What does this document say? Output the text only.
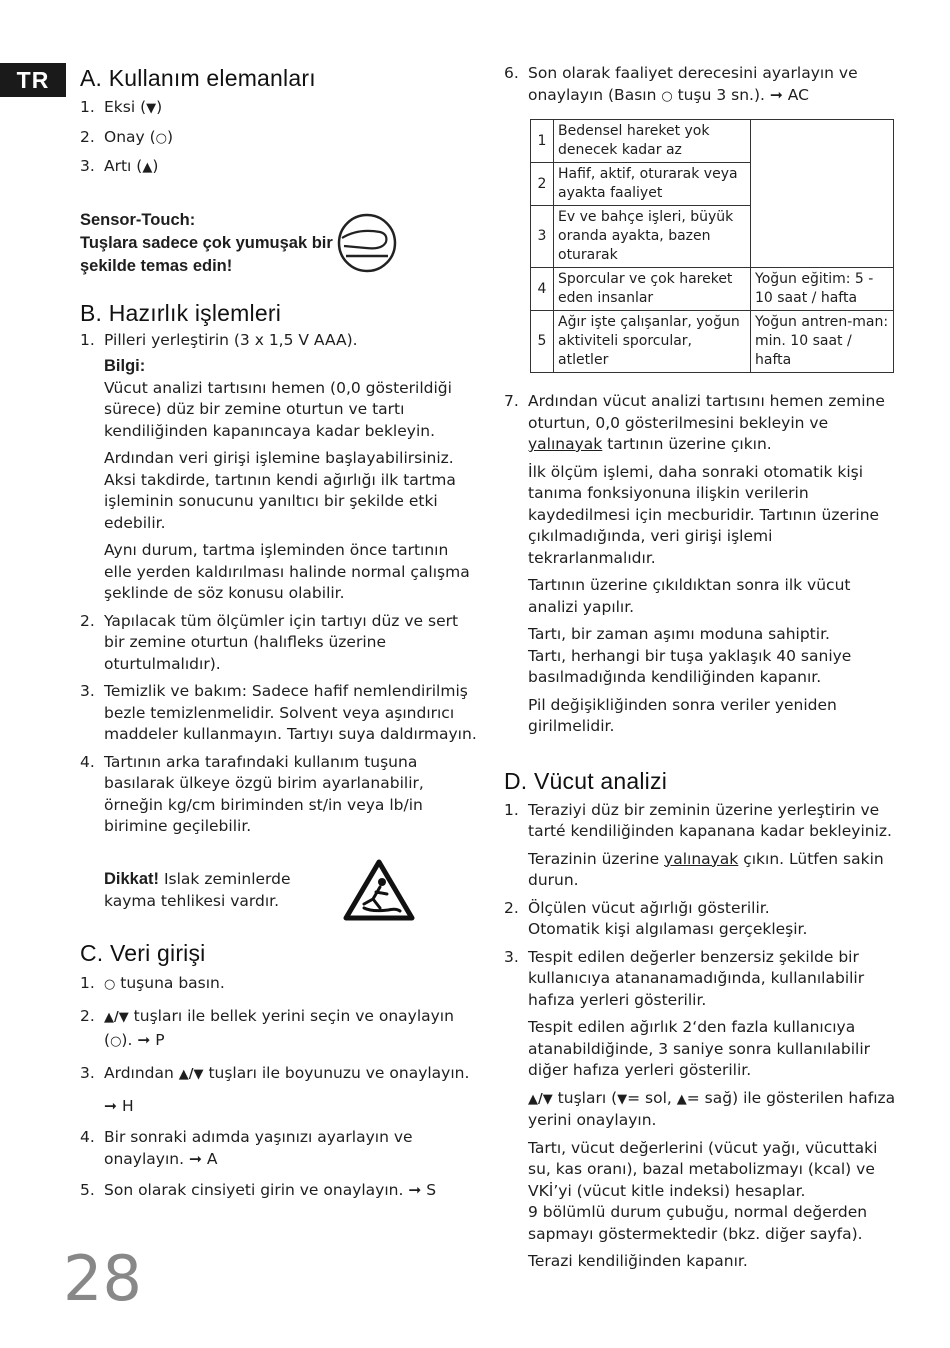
TR	A. Kullanım elemanları

1. Eksi (▼)

2. Onay (○)

3. Artı (▲)

Sensor-Touch:
Tuşlara sadece çok yumuşak bir
şekilde temas edin!
B. Hazırlık işlemleri

1. Pilleri yerleştirin (3 x 1,5 V AAA).

Bilgi:

Vücut analizi tartısını hemen (0,0 gösterildiği sürece) düz bir zemine oturtun ve tartı kendiliğinden kapanıncaya kadar bekleyin.

Ardından veri girişi işlemine başlayabilirsiniz. Aksi takdirde, tartının kendi ağırlığı ilk tartma işleminin sonucunu yanıltıcı bir şekilde etki edebilir.

Aynı durum, tartma işleminden önce tartının elle yerden kaldırılması halinde normal çalışma şeklinde de söz konusu olabilir.

2. Yapılacak tüm ölçümler için tartıyı düz ve sert bir zemine oturtun (halıfleks üzerine oturtulmalıdır).

3. Temizlik ve bakım: Sadece hafif nemlendirilmiş bezle temizlenmelidir. Solvent veya aşındırıcı maddeler kullanmayın. Tartıyı suya daldırmayın.

4. Tartının arka tarafındaki kullanım tuşuna basılarak ülkeye özgü birim ayarlanabilir, örneğin kg/cm biriminden st/in veya lb/in birimine geçilebilir.

Dikkat! Islak zeminlerde kayma tehlikesi vardır.

C. Veri girişi

1. ○ tuşuna basın.

2. ▲/▼ tuşları ile bellek yerini seçin ve onaylayın (○). ➞ P

3. Ardından ▲/▼ tuşları ile boyunuzu ve onaylayın.

➞ H

4. Bir sonraki adımda yaşınızı ayarlayın ve onaylayın. ➞ A

5. Son olarak cinsiyeti girin ve onaylayın. ➞ S

6. Son olarak faaliyet derecesini ayarlayın ve onaylayın (Basın ○ tuşu 3 sn.). ➞ AC

1	Bedensel hareket yok denecek kadar az	
2	Hafif, aktif, oturarak veya ayakta faaliyet	
3	Ev ve bahçe işleri, büyük oranda ayakta, bazen oturarak	
4	Sporcular ve çok hareket eden insanlar	Yoğun eğitim: 5 - 10 saat / hafta
5	Ağır işte çalışanlar, yoğun aktiviteli sporcular, atletler	Yoğun antren-man: min. 10 saat / hafta

7. Ardından vücut analizi tartısını hemen zemine oturtun, 0,0 gösterilmesini bekleyin ve yalınayak tartının üzerine çıkın.

İlk ölçüm işlemi, daha sonraki otomatik kişi tanıma fonksiyonuna ilişkin verilerin kaydedilmesi için mecburidir. Tartının üzerine çıkılmadığında, veri girişi işlemi tekrarlanmalıdır.

Tartının üzerine çıkıldıktan sonra ilk vücut analizi yapılır.

Tartı, bir zaman aşımı moduna sahiptir.

Tartı, herhangi bir tuşa yaklaşık 40 saniye basılmadığında kendiliğinden kapanır.

Pil değişikliğinden sonra veriler yeniden girilmelidir.

D. Vücut analizi

1. Teraziyi düz bir zeminin üzerine yerleştirin ve tarté kendiliğinden kapanana kadar bekleyiniz.

Terazinin üzerine yalınayak çıkın. Lütfen sakin durun.

2. Ölçülen vücut ağırlığı gösterilir.

Otomatik kişi algılaması gerçekleşir.

3. Tespit edilen değerler benzersiz şekilde bir kullanıcıya atananamadığında, kullanılabilir hafıza yerleri gösterilir.

Tespit edilen ağırlık 2‘den fazla kullanıcıya atanabildiğinde, 3 saniye sonra kullanılabilir diğer hafıza yerleri gösterilir.

▲/▼ tuşları (▼= sol, ▲= sağ) ile gösterilen hafıza yerini onaylayın.

Tartı, vücut değerlerini (vücut yağı, vücuttaki su, kas oranı), bazal metabolizmayı (kcal) ve VKİ’yi (vücut kitle indeksi) hesaplar.

9 bölümlü durum çubuğu, normal değerden sapmayı göstermektedir (bkz. diğer sayfa).

Terazi kendiliğinden kapanır.

28
